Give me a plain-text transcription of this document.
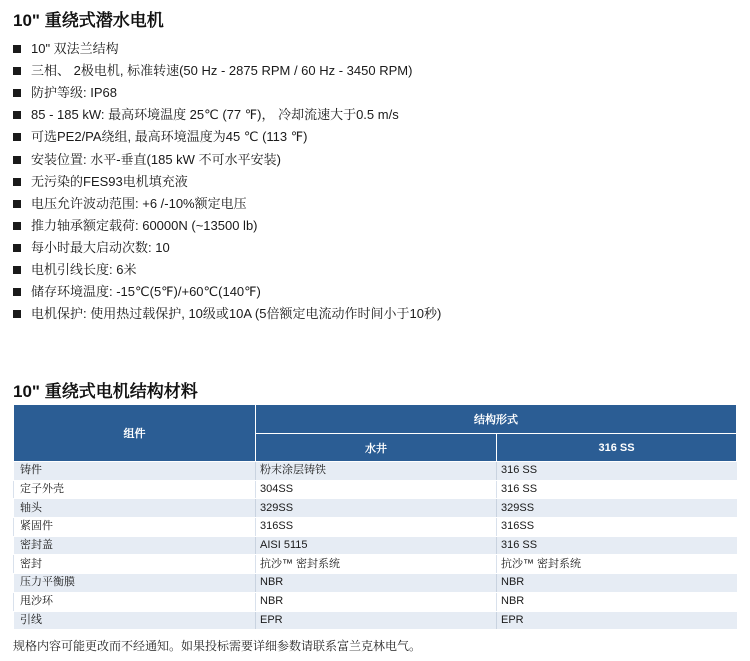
10" 重绕式潜水电机
10" 双法兰结构
三相、 2极电机, 标准转速(50 Hz - 2875 RPM / 60 Hz - 3450 RPM)
防护等级: IP68
85 - 185 kW: 最高环境温度 25℃ (77 ℉)， 冷却流速大于0.5 m/s
可选PE2/PA绕组, 最高环境温度为45 ℃ (113 ℉)
安装位置: 水平-垂直(185 kW 不可水平安装)
无污染的FES93电机填充液
电压允许波动范围: +6 /-10%额定电压
推力轴承额定载荷: 60000N (~13500 lb)
每小时最大启动次数: 10
电机引线长度: 6米
储存环境温度: -15℃(5℉)/+60℃(140℉)
电机保护: 使用热过载保护, 10级或10A (5倍额定电流动作时间小于10秒)
10" 重绕式电机结构材料
组件	结构形式	
	水井	316 SS
铸件	粉末涂层铸铁	316 SS
定子外壳	304SS	316 SS
轴头	329SS	329SS
紧固件	316SS	316SS
密封盖	AISI 5115	316 SS
密封	抗沙™ 密封系统	抗沙™ 密封系统
压力平衡膜	NBR	NBR
甩沙环	NBR	NBR
引线	EPR	EPR
规格内容可能更改而不经通知。如果投标需要详细参数请联系富兰克林电气。
